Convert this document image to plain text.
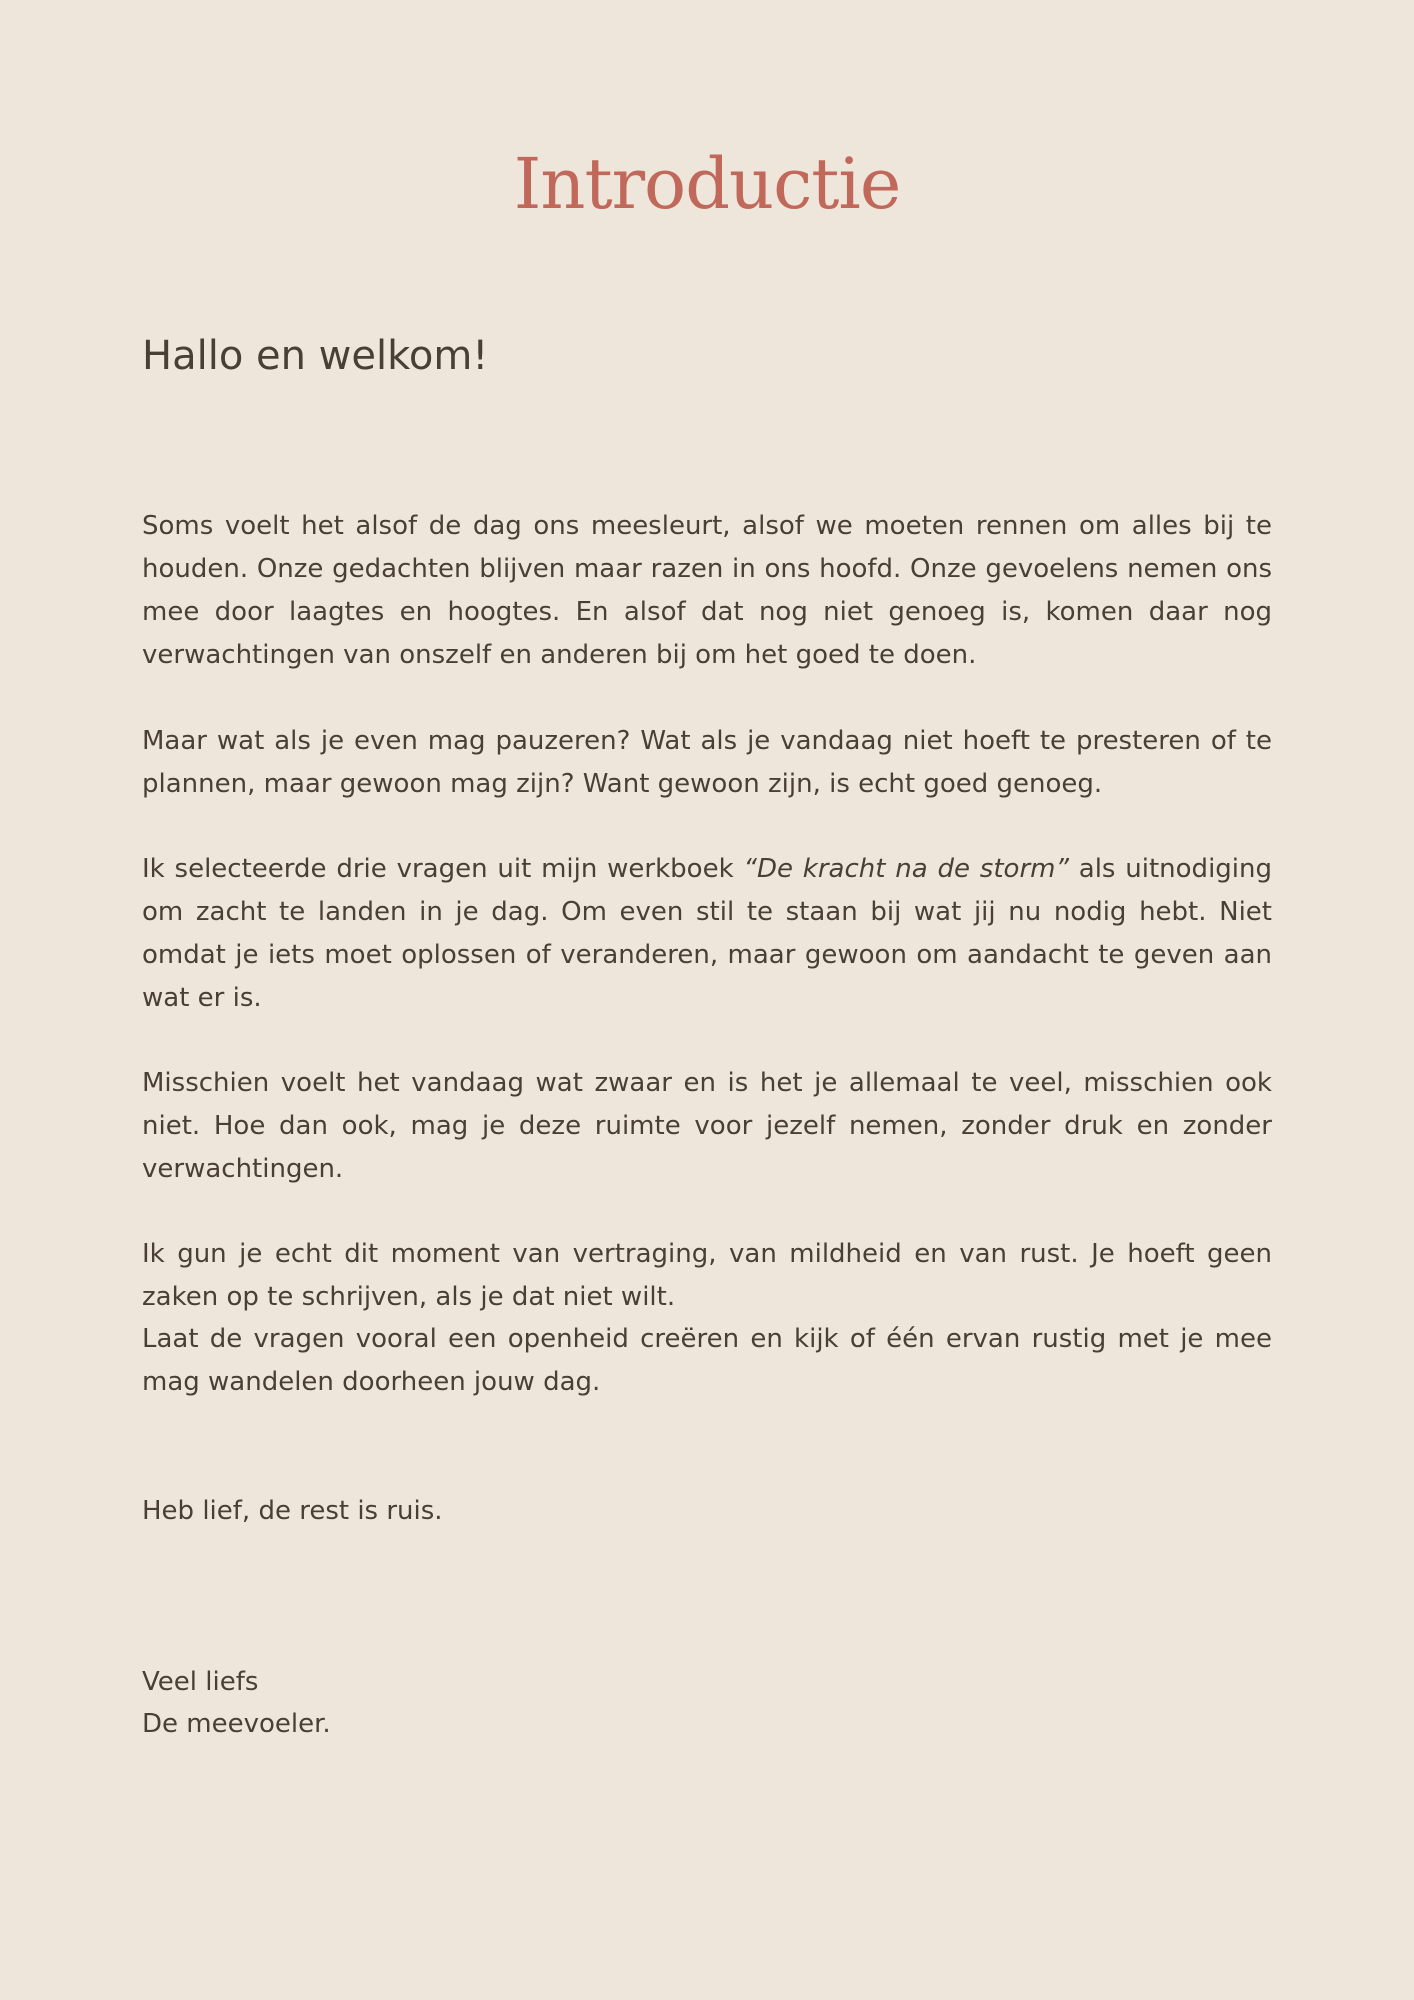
Introductie
Hallo en welkom!

Soms voelt het alsof de dag ons meesleurt, alsof we moeten rennen om alles bij te houden. Onze gedachten blijven maar razen in ons hoofd. Onze gevoelens nemen ons mee door laagtes en hoogtes. En alsof dat nog niet genoeg is, komen daar nog verwachtingen van onszelf en anderen bij om het goed te doen.

Maar wat als je even mag pauzeren? Wat als je vandaag niet hoeft te presteren of te plannen, maar gewoon mag zijn? Want gewoon zijn, is echt goed genoeg.

Ik selecteerde drie vragen uit mijn werkboek “De kracht na de storm” als uitnodiging om zacht te landen in je dag. Om even stil te staan bij wat jij nu nodig hebt. Niet omdat je iets moet oplossen of veranderen, maar gewoon om aandacht te geven aan wat er is.

Misschien voelt het vandaag wat zwaar en is het je allemaal te veel, misschien ook niet. Hoe dan ook, mag je deze ruimte voor jezelf nemen, zonder druk en zonder verwachtingen.

Ik gun je echt dit moment van vertraging, van mildheid en van rust. Je hoeft geen zaken op te schrijven, als je dat niet wilt.

Laat de vragen vooral een openheid creëren en kijk of één ervan rustig met je mee mag wandelen doorheen jouw dag.

Heb lief, de rest is ruis.

Veel liefs

De meevoeler.
